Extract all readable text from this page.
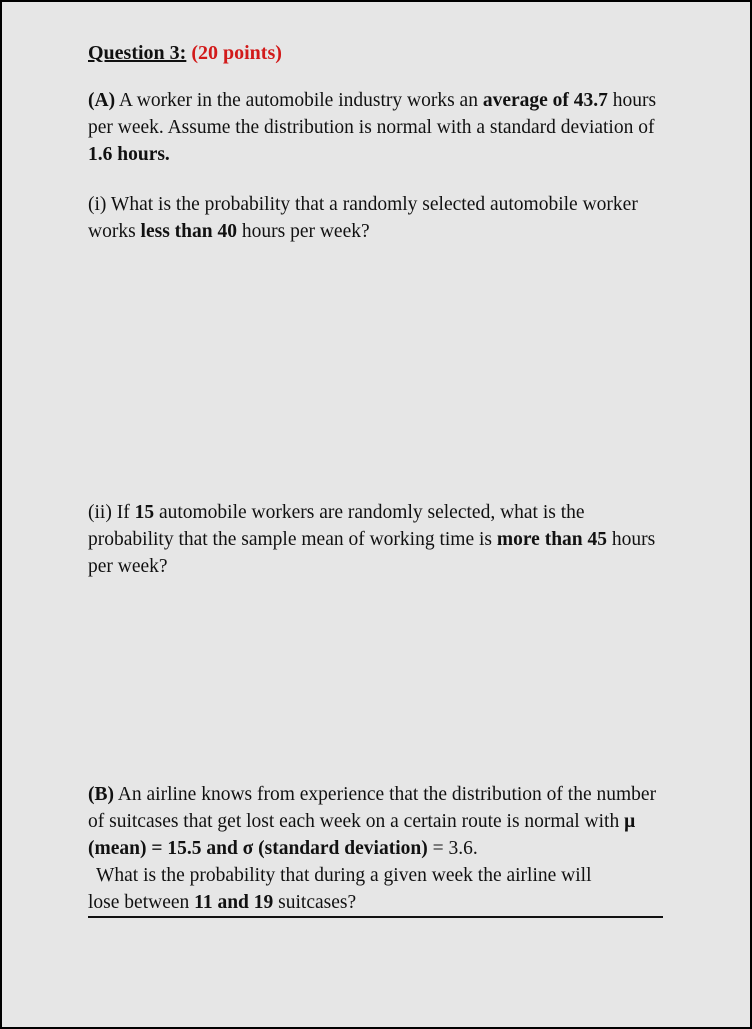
Question 3: (20 points)

(A) A worker in the automobile industry works an average of 43.7 hours per week. Assume the distribution is normal with a standard deviation of 1.6 hours.

(i) What is the probability that a randomly selected automobile worker works less than 40 hours per week?

(ii) If 15 automobile workers are randomly selected, what is the probability that the sample mean of working time is more than 45 hours per week?

(B) An airline knows from experience that the distribution of the number of suitcases that get lost each week on a certain route is normal with μ (mean) = 15.5 and σ (standard deviation) = 3.6.
What is the probability that during a given week the airline will
lose between 11 and 19 suitcases?
